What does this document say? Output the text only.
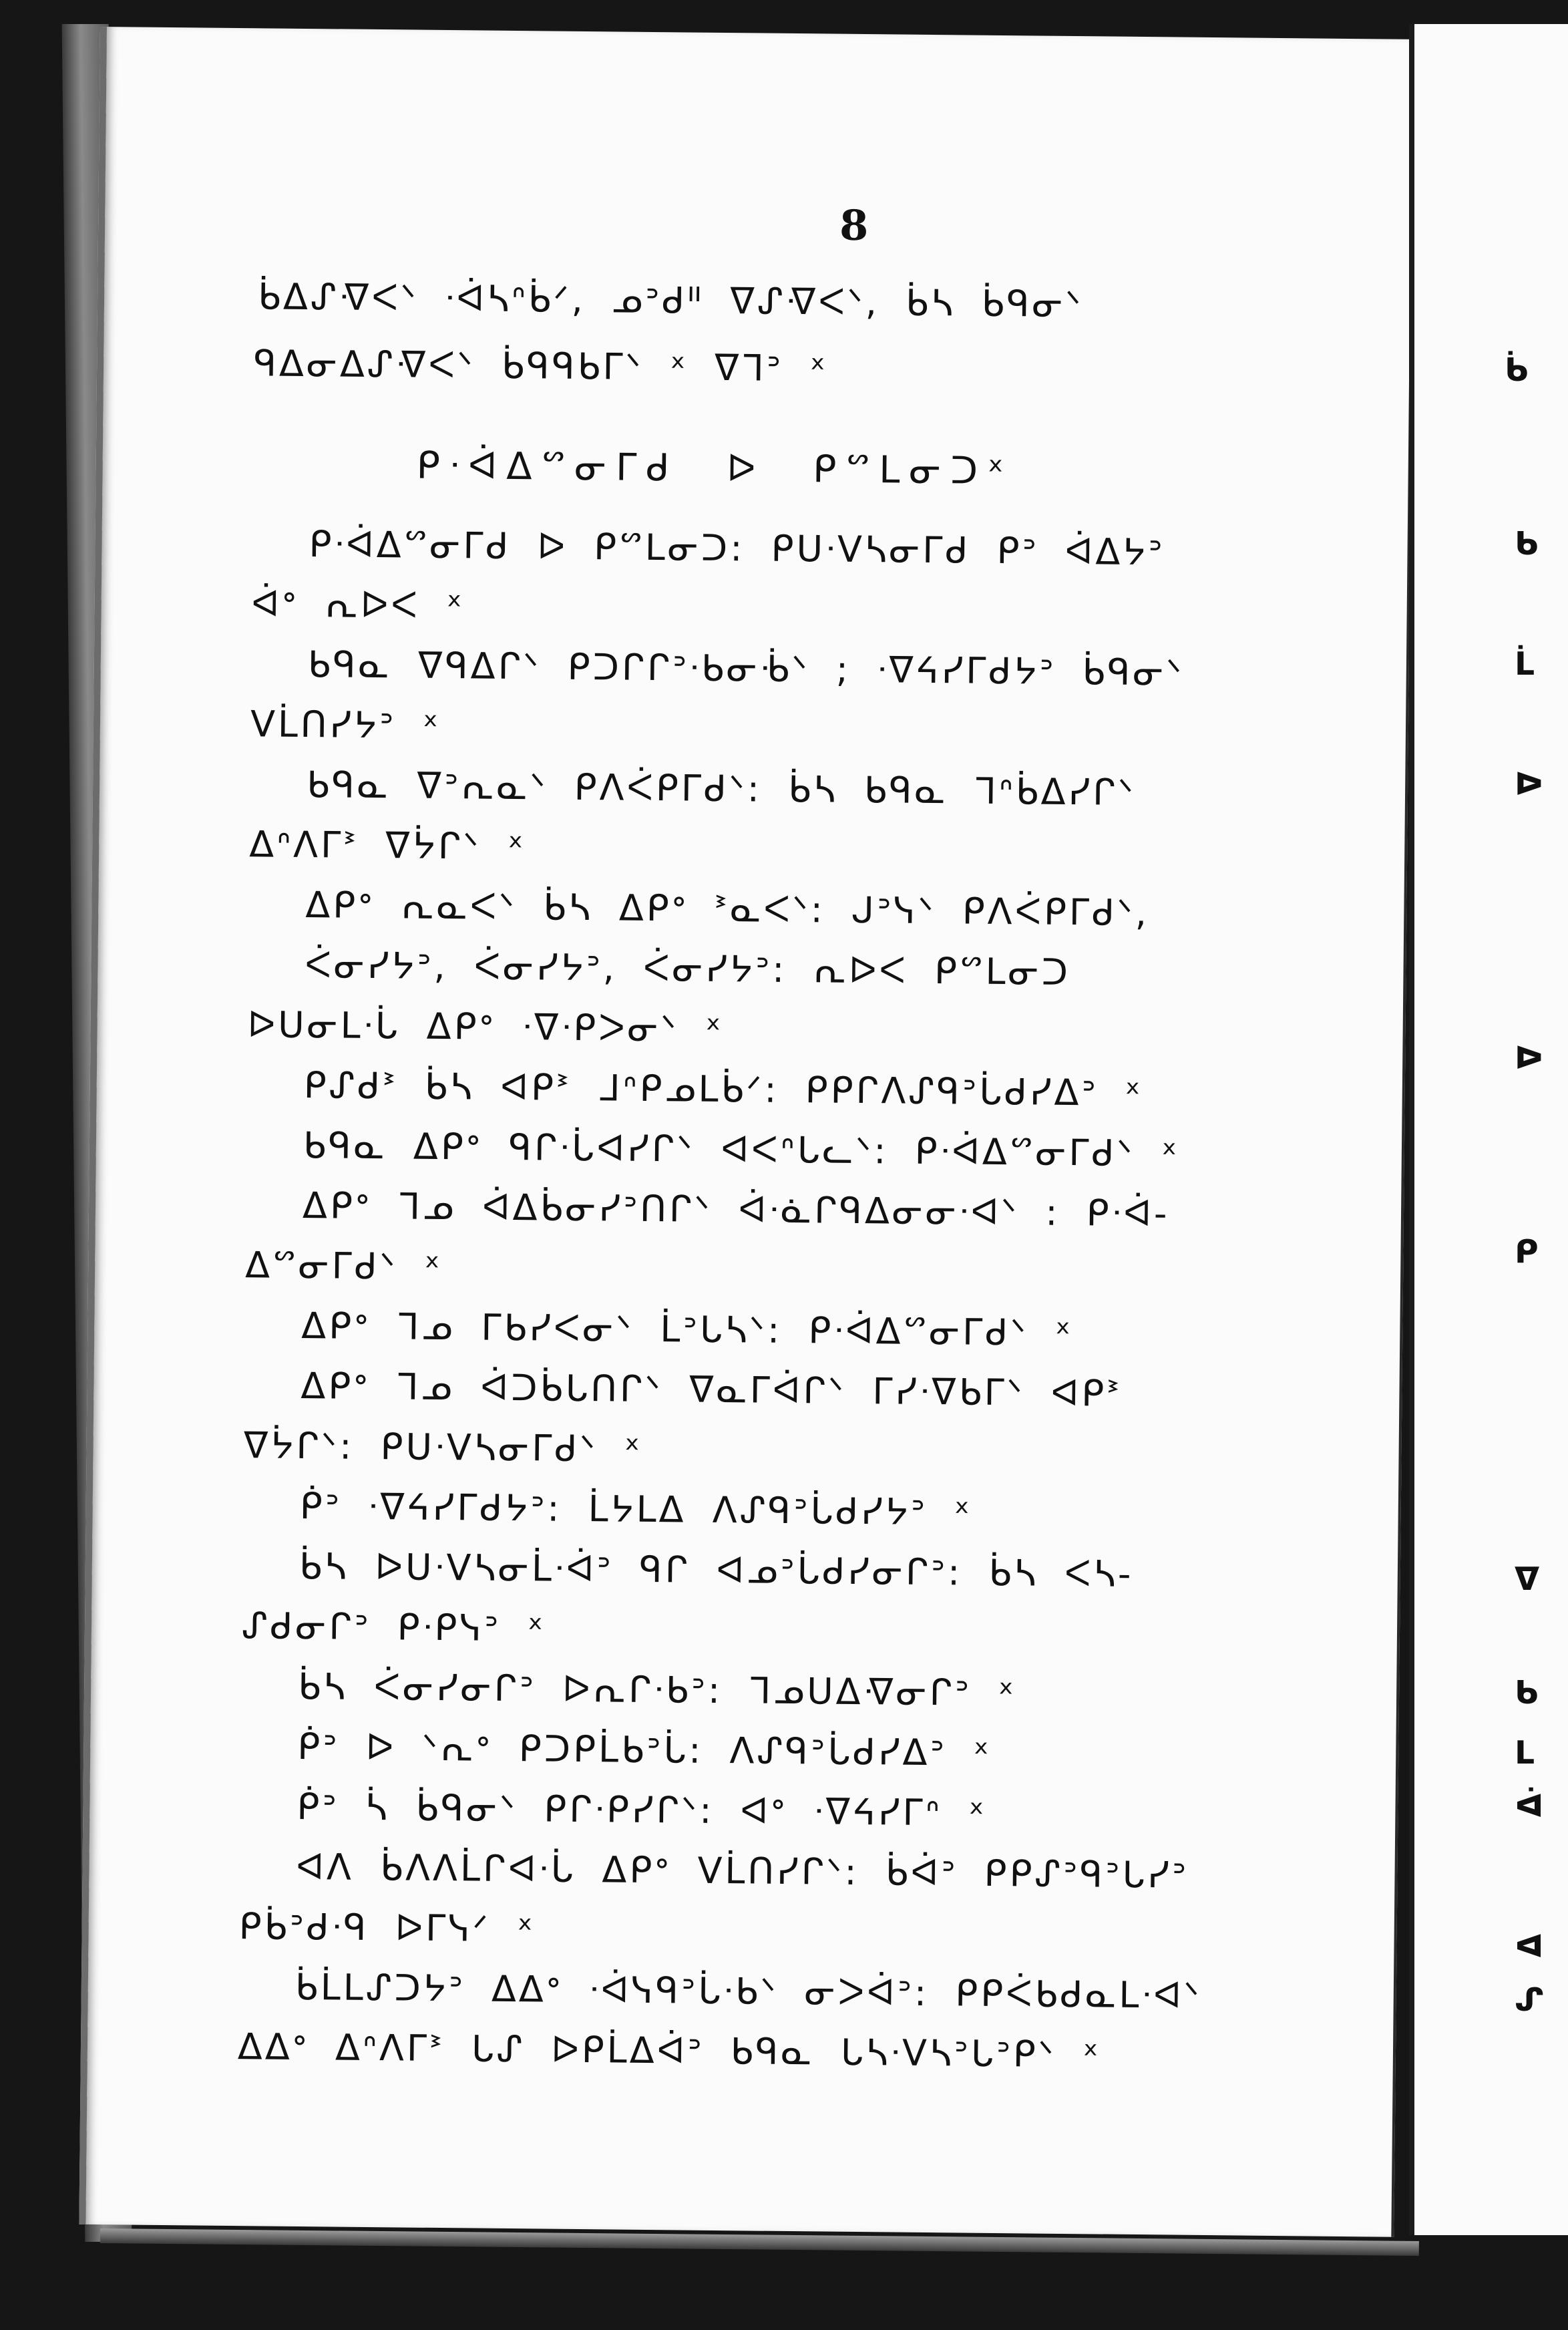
8
ᑳᐃᔑᐌᐸᐠ ᐧᐋᓴᐢᑳᐟ, ᓄᐣᑯᐦ ᐁᔑᐌᐸᐠ, ᑳᓴ ᑳᑫᓂᐠ
ᑫᐃᓂᐃᔑᐌᐸᐠ ᑳᑫᑫᑲᒥᐠ ˣ ᐁᒣᐣ ˣ
ᑭᐧᐋᐃᔥᓂᒥᑯ ᐅ ᑭᔥᒪᓂᑐˣ
ᑭᐧᐋᐃᔥᓂᒥᑯ ᐅ ᑭᔥᒪᓂᑐ: ᑭᑌᐧᐯᓴᓂᒥᑯ ᑭᐣ ᐋᐃᔭᐣ
ᐋᐤ ᕆᐅᐸ ˣ
ᑲᑫᓇ ᐁᑫᐃᒋᐠ ᑭᑐᒋᒋᐣᐧᑲᓂᒀᐠ ; ᐧᐁᔦᓯᒥᑯᔭᐣ ᑳᑫᓂᐠ
ᐯᒫᑎᓯᔭᐣ ˣ
ᑲᑫᓇ ᐁᐣᕆᓇᐠ ᑭᐱᐹᑭᒥᑯᐠ: ᑳᓴ ᑲᑫᓇ ᒣᐢᑳᐃᓯᒋᐠ
ᐃᐢᐱᒥᕑ ᐁᔮᒋᐠ ˣ
ᐃᑭᐤ ᕆᓇᐸᐠ ᑳᓴ ᐃᑭᐤ ᕑᓇᐸᐠ: ᒍᐣᓭᐠ ᑭᐱᐹᑭᒥᑯᐠ,
ᐹᓂᓯᔭᐣ, ᐹᓂᓯᔭᐣ, ᐹᓂᓯᔭᐣ: ᕆᐅᐸ ᑭᔥᒪᓂᑐ
ᐅᑌᓂᒪᐧᒑ ᐃᑭᐤ ᐧᐁᐧᑭᐳᓂᐠ ˣ
ᑭᔑᑯᕑ ᑳᓴ ᐊᑭᕑ ᒧᐢᑭᓄᒪᑳᐟ: ᑭᑭᒋᐱᔑᑫᐣᒑᑯᓯᐃᐣ ˣ
ᑲᑫᓇ ᐃᑭᐤ ᑫᒋᐧᒑᐊᓯᒋᐠ ᐊᐸᐢᒐᓚᐠ: ᑭᐧᐋᐃᔥᓂᒥᑯᐠ ˣ
ᐃᑭᐤ ᒣᓄ ᐋᐃᑳᓂᓯᐣᑎᒋᐠ ᐋᐧᓈᒋᑫᐃᓂᓂᐧᐊᐠ : ᑭᐧᐋ-
ᐃᔥᓂᒥᑯᐠ ˣ
ᐃᑭᐤ ᒣᓄ ᒥᑲᓯᐸᓂᐠ ᒫᐣᒐᓴᐠ: ᑭᐧᐋᐃᔥᓂᒥᑯᐠ ˣ
ᐃᑭᐤ ᒣᓄ ᐋᑐᑳᒐᑎᒋᐠ ᐁᓇᒥᐋᒋᐠ ᒥᓯᐧᐁᑲᒥᐠ ᐊᑭᕑ
ᐁᔮᒋᐠ: ᑭᑌᐧᐯᓴᓂᒥᑯᐠ ˣ
ᑮᐣ ᐧᐁᔦᓯᒥᑯᔭᐣ: ᒫᔭᒪᐃ ᐱᔑᑫᐣᒑᑯᓯᔭᐣ ˣ
ᑳᓴ ᐅᑌᐧᐯᓴᓂᒫᐧᐋᐣ ᑫᒋ ᐊᓄᐣᒑᑯᓯᓂᒋᐣ: ᑳᓴ ᐸᓴ-
ᔑᑯᓂᒋᐣ ᑭᐧᑭᓭᐣ ˣ
ᑳᓴ ᐹᓂᓯᓂᒋᐣ ᐅᕆᒋᐧᑲᐣ: ᒣᓄᑌᐃᐌᓂᒋᐣ ˣ
ᑮᐣ ᐅ ᐠᕆᐤ ᑭᑐᑭᒫᑲᐣᒑ: ᐱᔑᑫᐣᒑᑯᓯᐃᐣ ˣ
ᑮᐣ ᓵ ᑳᑫᓂᐠ ᑭᒋᐧᑭᓯᒋᐠ: ᐊᐤ ᐧᐁᔦᓯᒥᐢ ˣ
ᐊᐱ ᑳᐱᐱᒫᒋᐊᐧᒑ ᐃᑭᐤ ᐯᒫᑎᓯᒋᐠ: ᑳᐋᐣ ᑭᑭᔑᐣᑫᐣᒐᓯᐣ
ᑭᑳᐣᑯᐧᑫ ᐅᒥᓭᐟ ˣ
ᑳᒫᒪᔑᑐᔭᐣ ᐃᐃᐤ ᐧᐋᓭᑫᐣᒑᐧᑲᐠ ᓂᐳᐋᐣ: ᑭᑭᐹᑲᑯᓇᒪᐧᐊᐠ
ᐃᐃᐤ ᐃᐢᐱᒥᕑ ᒐᔑ ᐅᑭᒫᐃᐋᐣ ᑲᑫᓇ ᒐᓴᐧᐯᓴᐣᒐᐣᑭᐠ ˣ
ᑳ
ᑲ
ᒫ
ᐅ
ᐅ
ᑭ
ᐁ
ᑲ
ᒪ
ᐋ
ᐊ
ᔑ
